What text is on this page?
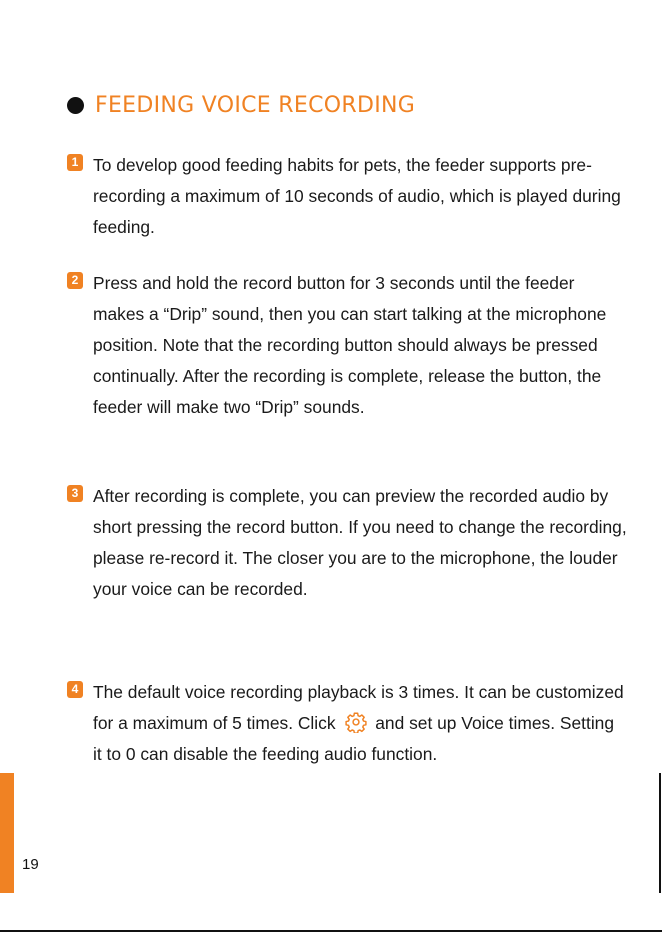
FEEDING VOICE RECORDING
1 To develop good feeding habits for pets, the feeder supports pre-recording a maximum of 10 seconds of audio, which is played during feeding.
2 Press and hold the record button for 3 seconds until the feeder makes a “Drip” sound, then you can start talking at the microphone position. Note that the recording button should always be pressed continually. After the recording is complete, release the button, the feeder will make two “Drip” sounds.
3 After recording is complete, you can preview the recorded audio by short pressing the record button. If you need to change the recording, please re-record it. The closer you are to the microphone, the louder your voice can be recorded.
4 The default voice recording playback is 3 times. It can be customized for a maximum of 5 times. Click and set up Voice times. Setting it to 0 can disable the feeding audio function.
19
